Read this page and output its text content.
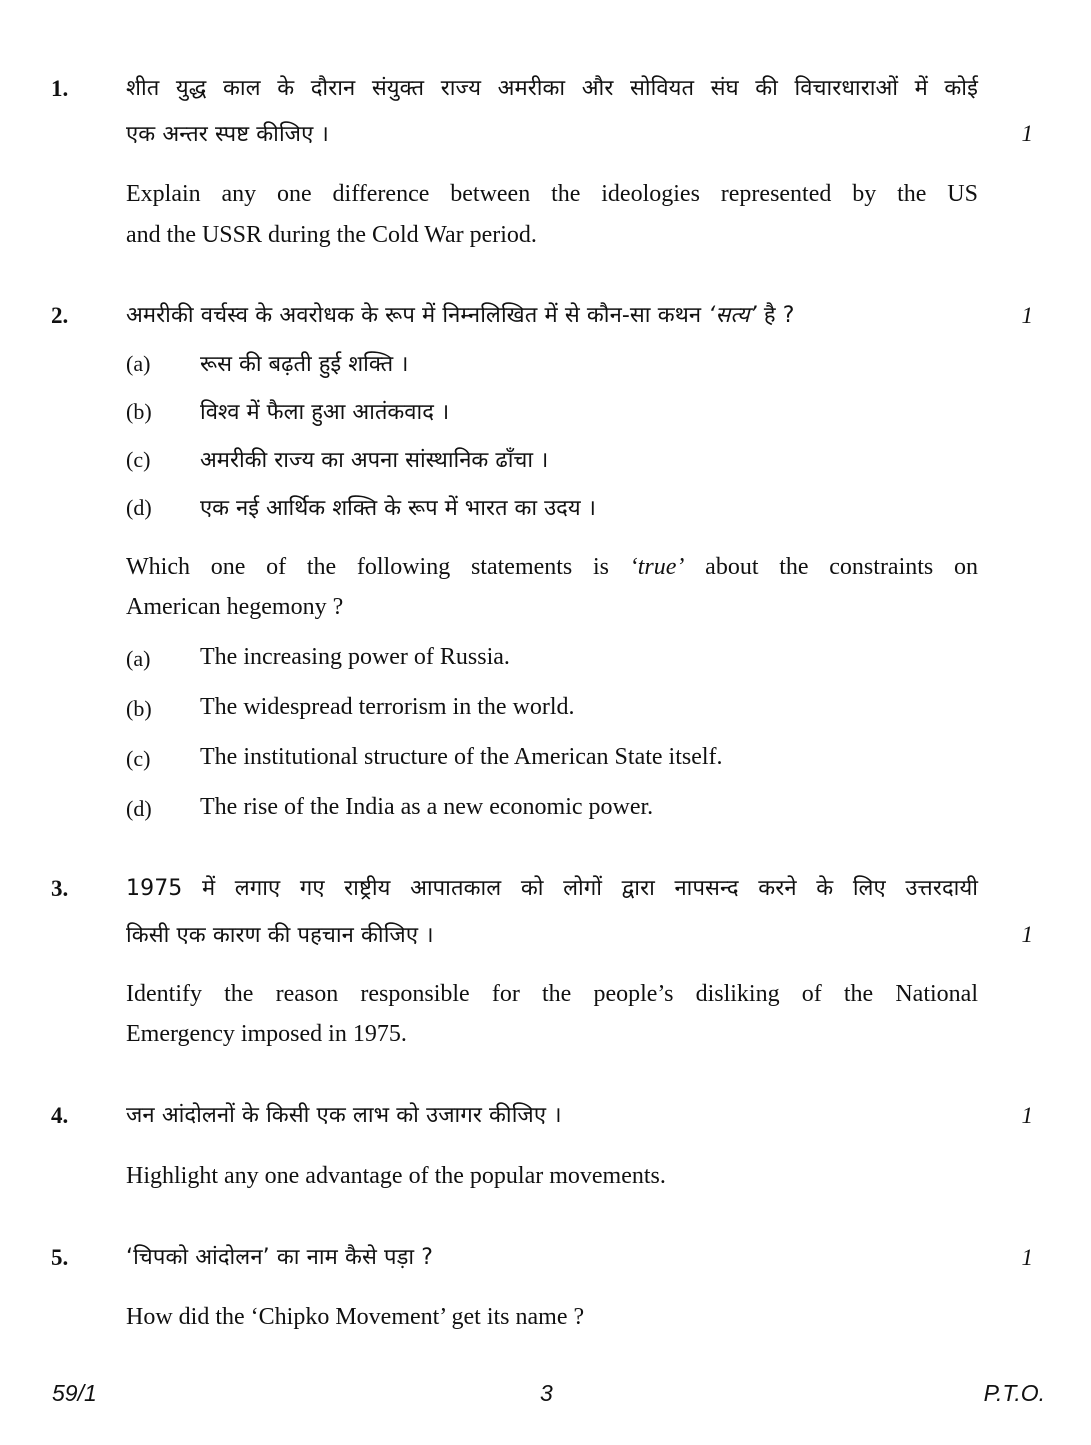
1.	शीत युद्ध काल के दौरान संयुक्त राज्य अमरीका और सोवियत संघ की विचारधाराओं में कोई
एक अन्तर स्पष्ट कीजिए ।	1
Explain any one difference between the ideologies represented by the US
and the USSR during the Cold War period.
2.	अमरीकी वर्चस्व के अवरोधक के रूप में निम्नलिखित में से कौन-सा कथन ‘सत्य’ है ?	1
(a) रूस की बढ़ती हुई शक्ति ।
(b) विश्व में फैला हुआ आतंकवाद ।
(c) अमरीकी राज्य का अपना सांस्थानिक ढाँचा ।
(d) एक नई आर्थिक शक्ति के रूप में भारत का उदय ।
Which one of the following statements is ‘true’ about the constraints on
American hegemony ?
(a) The increasing power of Russia.
(b) The widespread terrorism in the world.
(c) The institutional structure of the American State itself.
(d) The rise of the India as a new economic power.
3.	1975 में लगाए गए राष्ट्रीय आपातकाल को लोगों द्वारा नापसन्द करने के लिए उत्तरदायी
किसी एक कारण की पहचान कीजिए ।	1
Identify the reason responsible for the people’s disliking of the National
Emergency imposed in 1975.
4.	जन आंदोलनों के किसी एक लाभ को उजागर कीजिए ।	1
Highlight any one advantage of the popular movements.
5.	‘चिपको आंदोलन’ का नाम कैसे पड़ा ?	1
How did the ‘Chipko Movement’ get its name ?
59/1	3	P.T.O.
